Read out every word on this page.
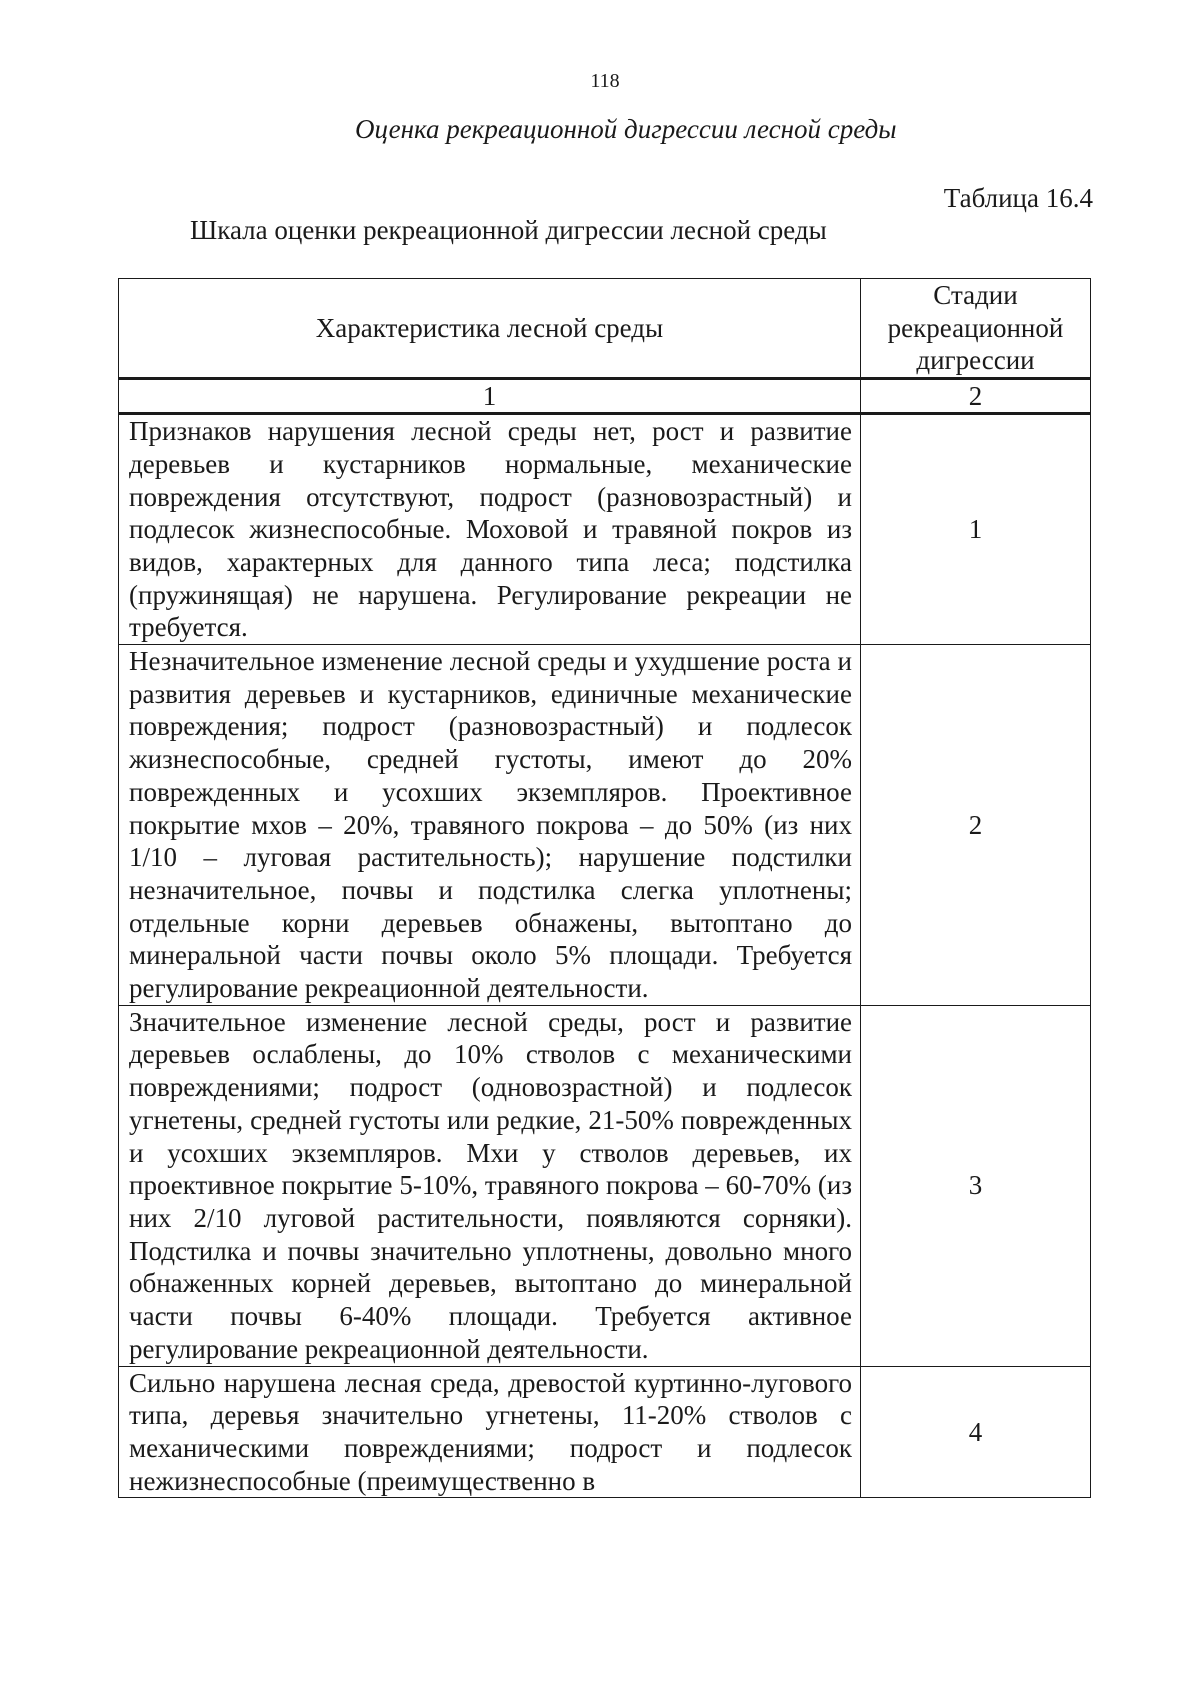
118
Оценка рекреационной дигрессии лесной среды
Таблица 16.4
Шкала оценки рекреационной дигрессии лесной среды
Характеристика лесной среды	Стадии рекреационной дигрессии
1	2
Признаков нарушения лесной среды нет, рост и развитие деревьев и кустарников нормальные, механические повреждения отсутствуют, подрост (разновозрастный) и подлесок жизнеспособные. Моховой и травяной покров из видов, характерных для данного типа леса; подстилка (пружинящая) не нарушена. Регулирование рекреации не требуется.	1
Незначительное изменение лесной среды и ухудшение роста и развития деревьев и кустарников, единичные механические повреждения; подрост (разновозрастный) и подлесок жизнеспособные, средней густоты, имеют до 20% поврежденных и усохших экземпляров. Проективное покрытие мхов – 20%, травяного покрова – до 50% (из них 1/10 – луговая растительность); нарушение подстилки незначительное, почвы и подстилка слегка уплотнены; отдельные корни деревьев обнажены, вытоптано до минеральной части почвы около 5% площади. Требуется регулирование рекреационной деятельности.	2
Значительное изменение лесной среды, рост и развитие деревьев ослаблены, до 10% стволов с механическими повреждениями; подрост (одновозрастной) и подлесок угнетены, средней густоты или редкие, 21-50% поврежденных и усохших экземпляров. Мхи у стволов деревьев, их проективное покрытие 5-10%, травяного покрова – 60-70% (из них 2/10 луговой растительности, появляются сорняки). Подстилка и почвы значительно уплотнены, довольно много обнаженных корней деревьев, вытоптано до минеральной части почвы 6-40% площади. Требуется активное регулирование рекреационной деятельности.	3
Сильно нарушена лесная среда, древостой куртинно-лугового типа, деревья значительно угнетены, 11-20% стволов с механическими повреждениями; подрост и подлесок нежизнеспособные (преимущественно в	4
